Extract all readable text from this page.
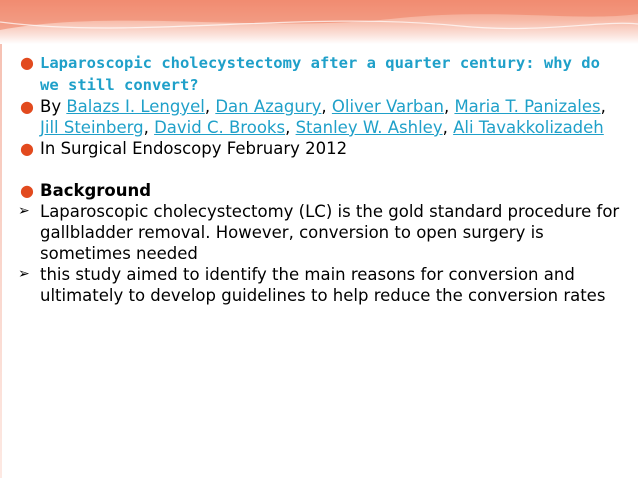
● Laparoscopic cholecystectomy after a quarter century: why do we still convert?
● By Balazs I. Lengyel, Dan Azagury, Oliver Varban, Maria T. Panizales, Jill Steinberg, David C. Brooks, Stanley W. Ashley, Ali Tavakkolizadeh
● In Surgical Endoscopy February 2012
● Background
➢ Laparoscopic cholecystectomy (LC) is the gold standard procedure for gallbladder removal. However, conversion to open surgery is sometimes needed
➢ this study aimed to identify the main reasons for conversion and ultimately to develop guidelines to help reduce the conversion rates
